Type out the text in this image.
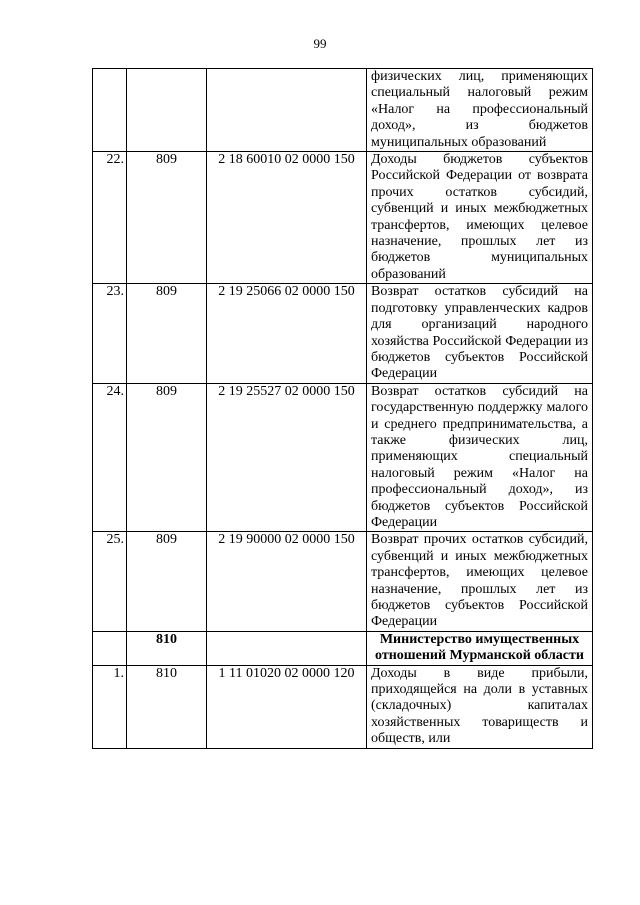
99
			физических лиц, применяющих специальный налоговый режим «Налог на профессиональный доход», из бюджетов муниципальных образований
22.	809	2 18 60010 02 0000 150	Доходы бюджетов субъектов Российской Федерации от возврата прочих остатков субсидий, субвенций и иных межбюджетных трансфертов, имеющих целевое назначение, прошлых лет из бюджетов муниципальных образований
23.	809	2 19 25066 02 0000 150	Возврат остатков субсидий на подготовку управленческих кадров для организаций народного хозяйства Российской Федерации из бюджетов субъектов Российской Федерации
24.	809	2 19 25527 02 0000 150	Возврат остатков субсидий на государственную поддержку малого и среднего предпринимательства, а также физических лиц, применяющих специальный налоговый режим «Налог на профессиональный доход», из бюджетов субъектов Российской Федерации
25.	809	2 19 90000 02 0000 150	Возврат прочих остатков субсидий, субвенций и иных межбюджетных трансфертов, имеющих целевое назначение, прошлых лет из бюджетов субъектов Российской Федерации
	810		Министерство имущественных отношений Мурманской области
1.	810	1 11 01020 02 0000 120	Доходы в виде прибыли, приходящейся на доли в уставных (складочных) капиталах хозяйственных товариществ и обществ, или
